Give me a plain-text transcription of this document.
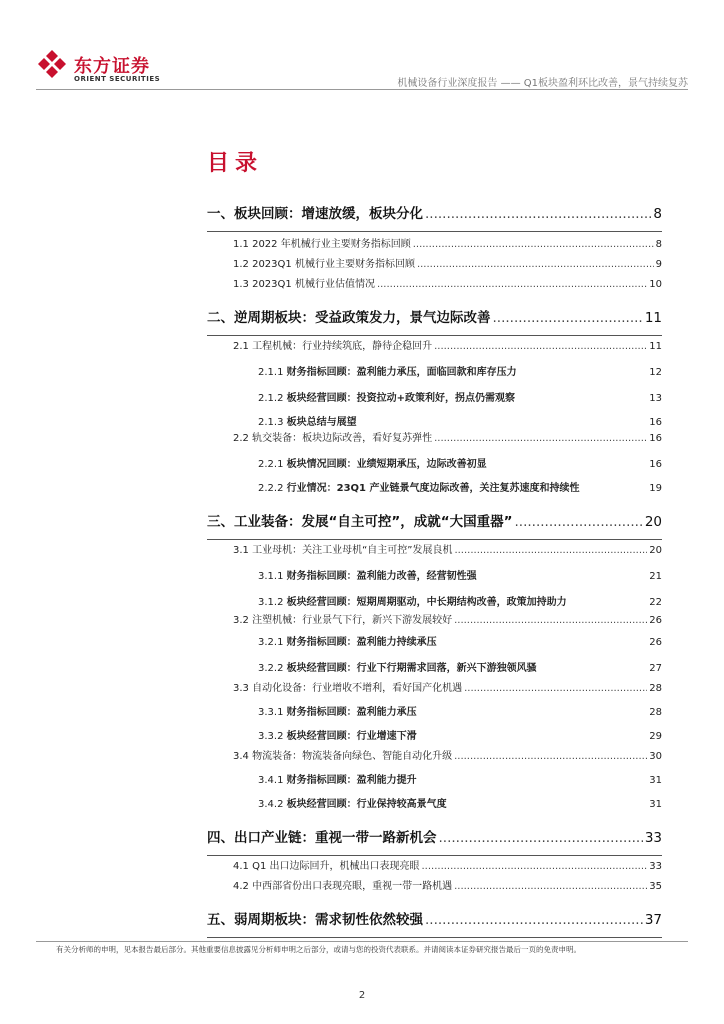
东方证券
ORIENT SECURITIES	机械设备行业深度报告 —— Q1板块盈利环比改善，景气持续复苏
目录
一、板块回顾：增速放缓，板块分化 .....	8
1.1 2022 年机械行业主要财务指标回顾 .....	8
1.2 2023Q1 机械行业主要财务指标回顾 .....	9
1.3 2023Q1 机械行业估值情况 .....	10
二、逆周期板块：受益政策发力，景气边际改善 .....	11
2.1 工程机械：行业持续筑底，静待企稳回升 .....	11
2.1.1 财务指标回顾：盈利能力承压，面临回款和库存压力	12
2.1.2 板块经营回顾：投资拉动+政策利好，拐点仍需观察	13
2.1.3 板块总结与展望	16
2.2 轨交装备：板块边际改善，看好复苏弹性 .....	16
2.2.1 板块情况回顾：业绩短期承压，边际改善初显	16
2.2.2 行业情况：23Q1 产业链景气度边际改善，关注复苏速度和持续性	19
三、工业装备：发展“自主可控”，成就“大国重器” .....	20
3.1 工业母机：关注工业母机“自主可控”发展良机 .....	20
3.1.1 财务指标回顾：盈利能力改善，经营韧性强	21
3.1.2 板块经营回顾：短期周期驱动，中长期结构改善，政策加持助力	22
3.2 注塑机械：行业景气下行，新兴下游发展较好 .....	26
3.2.1 财务指标回顾：盈利能力持续承压	26
3.2.2 板块经营回顾：行业下行期需求回落，新兴下游独领风骚	27
3.3 自动化设备：行业增收不增利，看好国产化机遇 .....	28
3.3.1 财务指标回顾：盈利能力承压	28
3.3.2 板块经营回顾：行业增速下滑	29
3.4 物流装备：物流装备向绿色、智能自动化升级 .....	30
3.4.1 财务指标回顾：盈利能力提升	31
3.4.2 板块经营回顾：行业保持较高景气度	31
四、出口产业链：重视一带一路新机会 .....	33
4.1 Q1 出口边际回升，机械出口表现亮眼 .....	33
4.2 中西部省份出口表现亮眼，重视一带一路机遇 .....	35
五、弱周期板块：需求韧性依然较强 .....	37
有关分析师的申明，见本报告最后部分。其他重要信息披露见分析师申明之后部分，或请与您的投资代表联系。并请阅读本证券研究报告最后一页的免责申明。
2
